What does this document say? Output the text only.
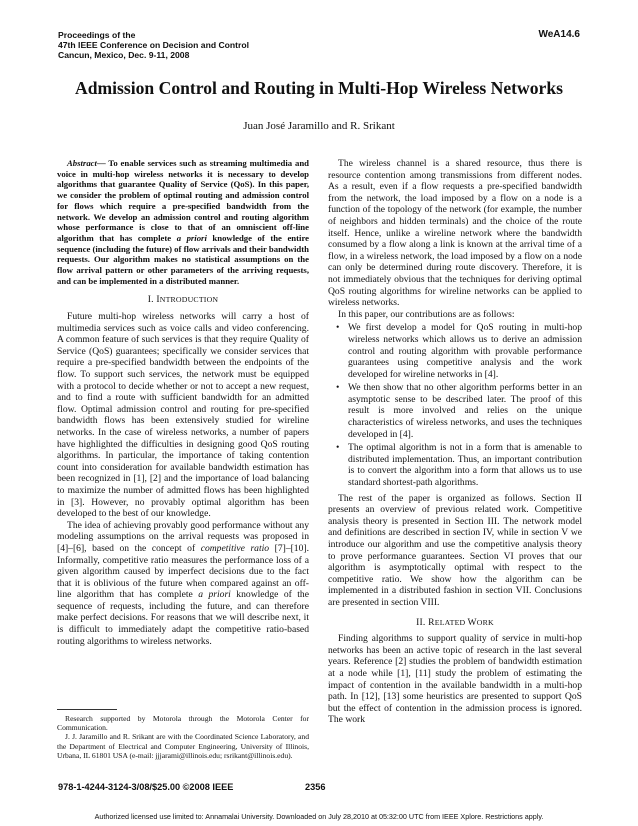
Proceedings of the
47th IEEE Conference on Decision and Control
Cancun, Mexico, Dec. 9-11, 2008
WeA14.6
Admission Control and Routing in Multi-Hop Wireless Networks
Juan José Jaramillo and R. Srikant

Abstract— To enable services such as streaming multimedia and voice in multi-hop wireless networks it is necessary to develop algorithms that guarantee Quality of Service (QoS). In this paper, we consider the problem of optimal routing and admission control for flows which require a pre-specified bandwidth from the network. We develop an admission control and routing algorithm whose performance is close to that of an omniscient off-line algorithm that has complete a priori knowledge of the entire sequence (including the future) of flow arrivals and their bandwidth requests. Our algorithm makes no statistical assumptions on the flow arrival pattern or other parameters of the arriving requests, and can be implemented in a distributed manner.

I. INTRODUCTION

Future multi-hop wireless networks will carry a host of multimedia services such as voice calls and video conferencing. A common feature of such services is that they require Quality of Service (QoS) guarantees; specifically we consider services that require a pre-specified bandwidth between the endpoints of the flow. To support such services, the network must be equipped with a protocol to decide whether or not to accept a new request, and to find a route with sufficient bandwidth for an admitted flow. Optimal admission control and routing for pre-specified bandwidth flows has been extensively studied for wireline networks. In the case of wireless networks, a number of papers have highlighted the difficulties in designing good QoS routing algorithms. In particular, the importance of taking contention count into consideration for available bandwidth estimation has been recognized in [1], [2] and the importance of load balancing to maximize the number of admitted flows has been highlighted in [3]. However, no provably optimal algorithm has been developed to the best of our knowledge.

The idea of achieving provably good performance without any modeling assumptions on the arrival requests was proposed in [4]–[6], based on the concept of competitive ratio [7]–[10]. Informally, competitive ratio measures the performance loss of a given algorithm caused by imperfect decisions due to the fact that it is oblivious of the future when compared against an off-line algorithm that has complete a priori knowledge of the sequence of requests, including the future, and can therefore make perfect decisions. For reasons that we will describe next, it is difficult to immediately adapt the competitive ratio-based routing algorithms to wireless networks.

Research supported by Motorola through the Motorola Center for Communication.

J. J. Jaramillo and R. Srikant are with the Coordinated Science Laboratory, and the Department of Electrical and Computer Engineering, University of Illinois, Urbana, IL 61801 USA (e-mail: jjjarami@illinois.edu; rsrikant@illinois.edu).

The wireless channel is a shared resource, thus there is resource contention among transmissions from different nodes. As a result, even if a flow requests a pre-specified bandwidth from the network, the load imposed by a flow on a node is a function of the topology of the network (for example, the number of neighbors and hidden terminals) and the choice of the route itself. Hence, unlike a wireline network where the bandwidth consumed by a flow along a link is known at the arrival time of a flow, in a wireless network, the load imposed by a flow on a node can only be determined during route discovery. Therefore, it is not immediately obvious that the techniques for deriving optimal QoS routing algorithms for wireline networks can be applied to wireless networks.

In this paper, our contributions are as follows:

• We first develop a model for QoS routing in multi-hop wireless networks which allows us to derive an admission control and routing algorithm with provable performance guarantees using competitive analysis and the work developed for wireline networks in [4].
• We then show that no other algorithm performs better in an asymptotic sense to be described later. The proof of this result is more involved and relies on the unique characteristics of wireless networks, and uses the techniques developed in [4].
• The optimal algorithm is not in a form that is amenable to distributed implementation. Thus, an important contribution is to convert the algorithm into a form that allows us to use standard shortest-path algorithms.

The rest of the paper is organized as follows. Section II presents an overview of previous related work. Competitive analysis theory is presented in Section III. The network model and definitions are described in section IV, while in section V we introduce our algorithm and use the competitive analysis theory to prove performance guarantees. Section VI proves that our algorithm is asymptotically optimal with respect to the competitive ratio. We show how the algorithm can be implemented in a distributed fashion in section VII. Conclusions are presented in section VIII.

II. RELATED WORK

Finding algorithms to support quality of service in multi-hop networks has been an active topic of research in the last several years. Reference [2] studies the problem of bandwidth estimation at a node while [1], [11] study the problem of estimating the impact of contention in the available bandwidth in a multi-hop path. In [12], [13] some heuristics are presented to support QoS but the effect of contention in the admission process is ignored. The work

978-1-4244-3124-3/08/$25.00 ©2008 IEEE	2356
Authorized licensed use limited to: Annamalai University. Downloaded on July 28,2010 at 05:32:00 UTC from IEEE Xplore. Restrictions apply.
